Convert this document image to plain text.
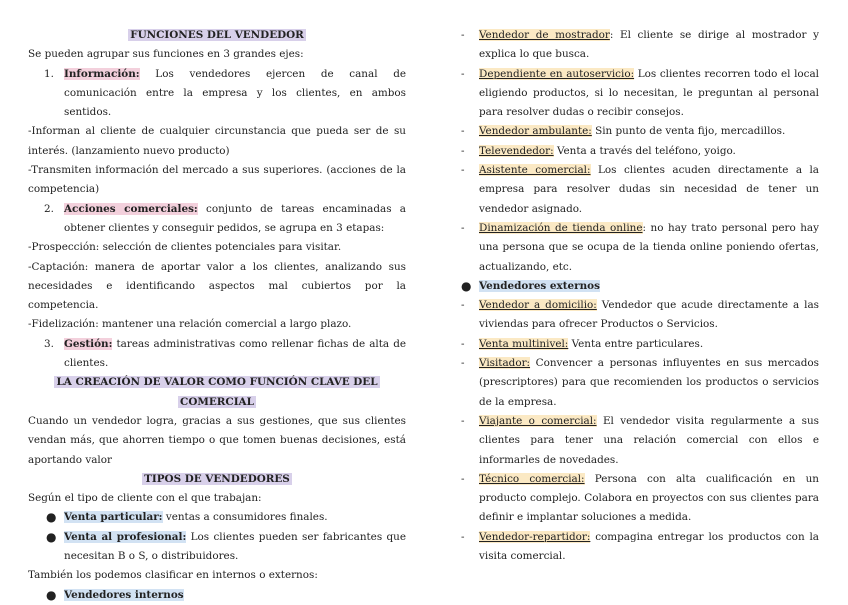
FUNCIONES DEL VENDEDOR

Se pueden agrupar sus funciones en 3 grandes ejes:

1. Información: Los vendedores ejercen de canal de comunicación entre la empresa y los clientes, en ambos sentidos.

-Informan al cliente de cualquier circunstancia que pueda ser de su interés. (lanzamiento nuevo producto)

-Transmiten información del mercado a sus superiores. (acciones de la competencia)

2. Acciones comerciales: conjunto de tareas encaminadas a obtener clientes y conseguir pedidos, se agrupa en 3 etapas:

-Prospección: selección de clientes potenciales para visitar.

-Captación: manera de aportar valor a los clientes, analizando sus necesidades e identificando aspectos mal cubiertos por la competencia.

-Fidelización: mantener una relación comercial a largo plazo.

3. Gestión: tareas administrativas como rellenar fichas de alta de clientes.

LA CREACIÓN DE VALOR COMO FUNCIÓN CLAVE DEL

COMERCIAL

Cuando un vendedor logra, gracias a sus gestiones, que sus clientes vendan más, que ahorren tiempo o que tomen buenas decisiones, está aportando valor

TIPOS DE VENDEDORES

Según el tipo de cliente con el que trabajan:

● Venta particular: ventas a consumidores finales.

● Venta al profesional: Los clientes pueden ser fabricantes que necesitan B o S, o distribuidores.

También los podemos clasificar en internos o externos:

● Vendedores internos

- Vendedor de mostrador: El cliente se dirige al mostrador y explica lo que busca.

- Dependiente en autoservicio: Los clientes recorren todo el local eligiendo productos, si lo necesitan, le preguntan al personal para resolver dudas o recibir consejos.

- Vendedor ambulante: Sin punto de venta fijo, mercadillos.

- Televendedor: Venta a través del teléfono, yoigo.

- Asistente comercial: Los clientes acuden directamente a la empresa para resolver dudas sin necesidad de tener un vendedor asignado.

- Dinamización de tienda online: no hay trato personal pero hay una persona que se ocupa de la tienda online poniendo ofertas, actualizando, etc.

● Vendedores externos

- Vendedor a domicilio: Vendedor que acude directamente a las viviendas para ofrecer Productos o Servicios.

- Venta multinivel: Venta entre particulares.

- Visitador: Convencer a personas influyentes en sus mercados (prescriptores) para que recomienden los productos o servicios de la empresa.

- Viajante o comercial: El vendedor visita regularmente a sus clientes para tener una relación comercial con ellos e informarles de novedades.

- Técnico comercial: Persona con alta cualificación en un producto complejo. Colabora en proyectos con sus clientes para definir e implantar soluciones a medida.

- Vendedor-repartidor: compagina entregar los productos con la visita comercial.
